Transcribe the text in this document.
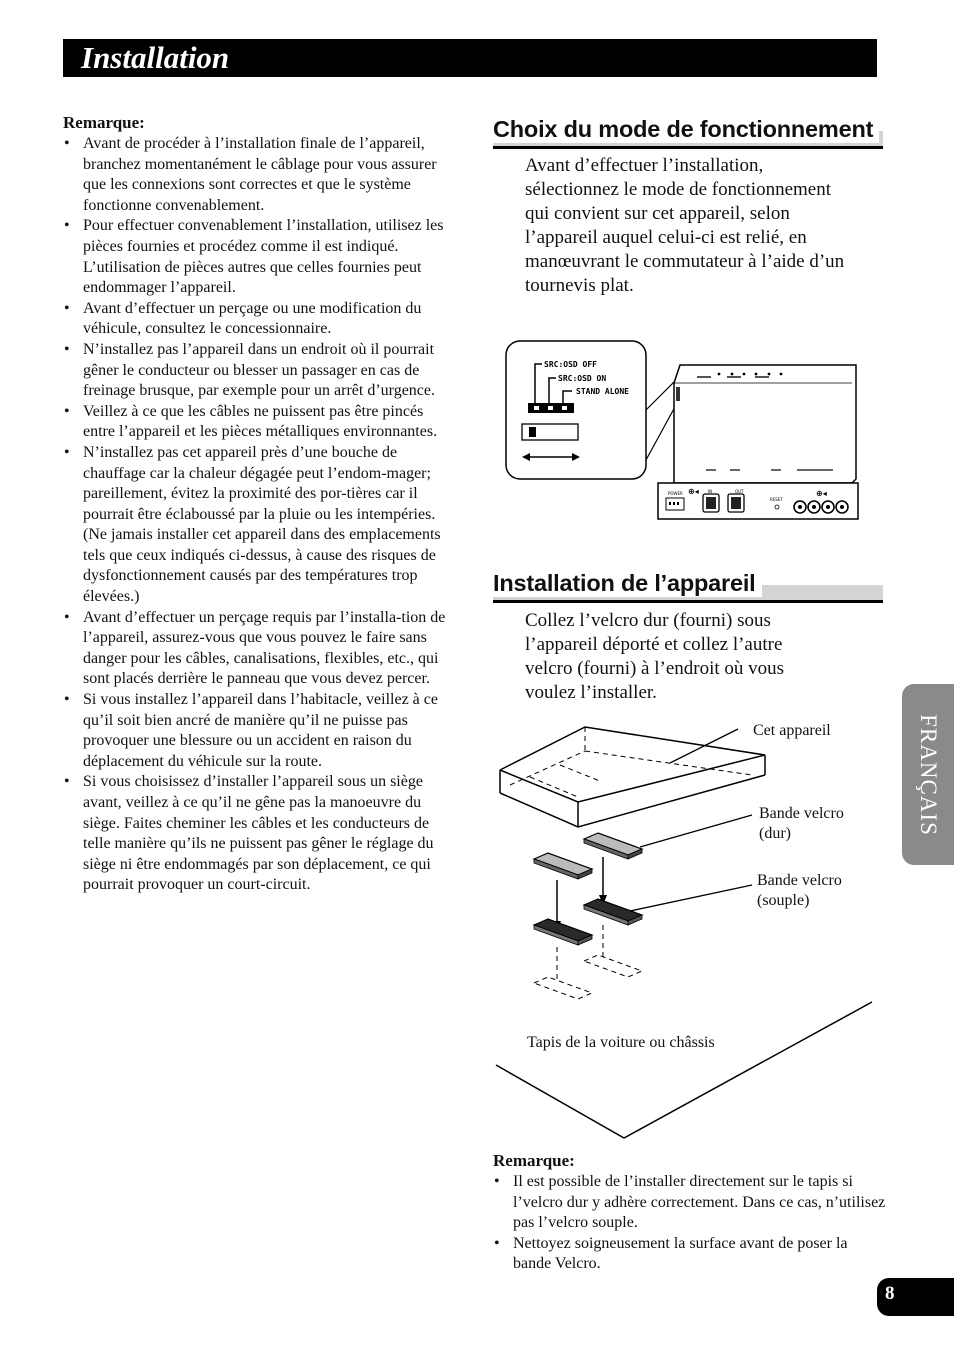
Installation
Remarque:
• Avant de procéder à l’installation finale de l’appareil, branchez momentanément le câblage pour vous assurer que les connexions sont correctes et que le système fonctionne convenablement.
• Pour effectuer convenablement l’installation, utilisez les pièces fournies et procédez comme il est indiqué. L’utilisation de pièces autres que celles fournies peut endommager l’appareil.
• Avant d’effectuer un perçage ou une modification du véhicule, consultez le concessionnaire.
• N’installez pas l’appareil dans un endroit où il pourrait gêner le conducteur ou blesser un passager en cas de freinage brusque, par exemple pour un arrêt d’urgence.
• Veillez à ce que les câbles ne puissent pas être pincés entre l’appareil et les pièces métalliques environnantes.
• N’installez pas cet appareil près d’une bouche de chauffage car la chaleur dégagée peut l’endom-mager; pareillement, évitez la proximité des por-tières car il pourrait être éclaboussé par la pluie ou les intempéries. (Ne jamais installer cet appareil dans des emplacements tels que ceux indiqués ci-dessus, à cause des risques de dysfonctionnement causés par des températures trop élevées.)
• Avant d’effectuer un perçage requis par l’installa-tion de l’appareil, assurez-vous que vous pouvez le faire sans danger pour les câbles, canalisations, flexibles, etc., qui sont placés derrière le panneau que vous devez percer.
• Si vous installez l’appareil dans l’habitacle, veillez à ce qu’il soit bien ancré de manière qu’il ne puisse pas provoquer une blessure ou un accident en raison du déplacement du véhicule sur la route.
• Si vous choisissez d’installer l’appareil sous un siège avant, veillez à ce qu’il ne gêne pas la manoeuvre du siège. Faites cheminer les câbles et les conducteurs de telle manière qu’ils ne puissent pas gêner le réglage du siège ni être endommagés par son déplacement, ce qui pourrait provoquer un court-circuit.
Choix du mode de fonctionnement
Avant d’effectuer l’installation, sélectionnez le mode de fonctionnement qui convient sur cet appareil, selon l’appareil auquel celui-ci est relié, en manœuvrant le commutateur à l’aide d’un tournevis plat.
SRC:OSD OFF
SRC:OSD ON
STAND ALONE
POWER ⊕◂ IN	OUT
RESET
⊕◂
Installation de l’appareil
Collez l’velcro dur (fourni) sous l’appareil déporté et collez l’autre velcro (fourni) à l’endroit où vous voulez l’installer.
Cet appareil
Bande velcro
(dur)
Bande velcro
(souple)
Tapis de la voiture ou châssis
Remarque:
• Il est possible de l’installer directement sur le tapis si l’velcro dur y adhère correctement. Dans ce cas, n’utilisez pas l’velcro souple.
• Nettoyez soigneusement la surface avant de poser la bande Velcro.
FRANÇAIS
8
